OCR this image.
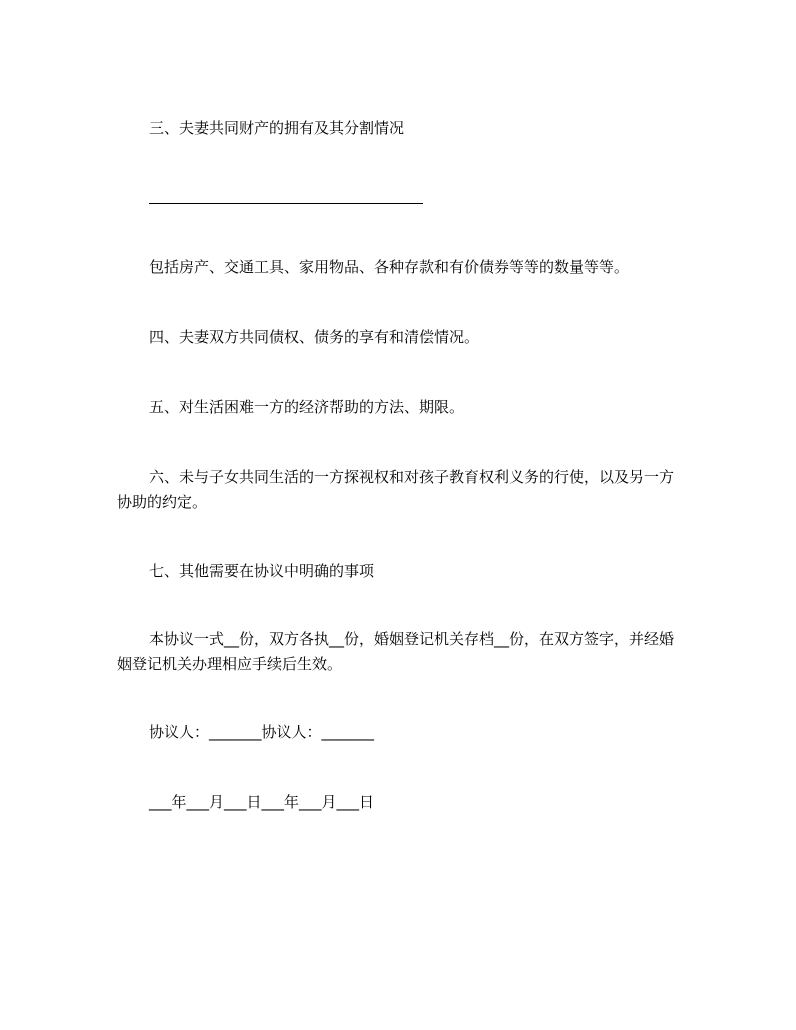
三、夫妻共同财产的拥有及其分割情况
包括房产、交通工具、家用物品、各种存款和有价债券等等的数量等等。
四、夫妻双方共同债权、债务的享有和清偿情况。
五、对生活困难一方的经济帮助的方法、期限。
六、未与子女共同生活的一方探视权和对孩子教育权利义务的行使，以及另一方协助的约定。
七、其他需要在协议中明确的事项
本协议一式__份，双方各执__份，婚姻登记机关存档__份，在双方签字，并经婚姻登记机关办理相应手续后生效。
协议人：_______协议人：_______
___年___月___日___年___月___日
